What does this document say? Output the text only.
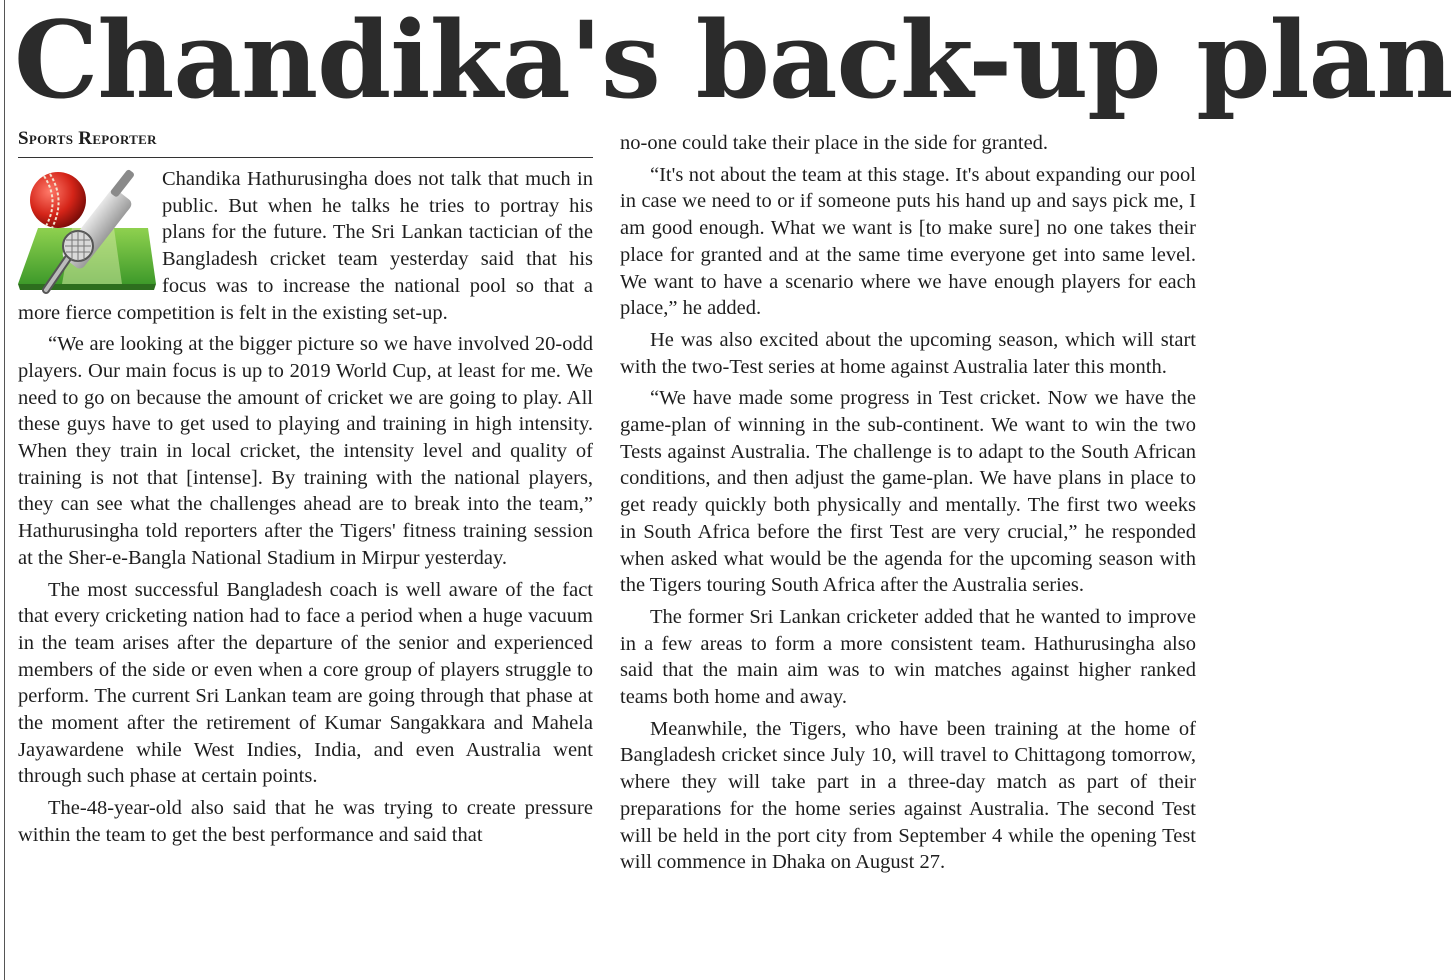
Chandika's back-up plan
Sports Reporter

Chandika Hathurusingha does not talk that much in public. But when he talks he tries to portray his plans for the future. The Sri Lankan tactician of the Bangladesh cricket team yesterday said that his focus was to increase the national pool so that a more fierce competition is felt in the existing set-up.

“We are looking at the bigger picture so we have involved 20-odd players. Our main focus is up to 2019 World Cup, at least for me. We need to go on because the amount of cricket we are going to play. All these guys have to get used to playing and training in high intensity. When they train in local cricket, the intensity level and quality of training is not that [intense]. By training with the national players, they can see what the challenges ahead are to break into the team,” Hathurusingha told reporters after the Tigers' fitness training session at the Sher-e-Bangla National Stadium in Mirpur yesterday.

The most successful Bangladesh coach is well aware of the fact that every cricketing nation had to face a period when a huge vacuum in the team arises after the departure of the senior and experienced members of the side or even when a core group of players struggle to perform. The current Sri Lankan team are going through that phase at the moment after the retirement of Kumar Sangakkara and Mahela Jayawardene while West Indies, India, and even Australia went through such phase at certain points.

The-48-year-old also said that he was trying to create pressure within the team to get the best performance and said that

no-one could take their place in the side for granted.

“It's not about the team at this stage. It's about expanding our pool in case we need to or if someone puts his hand up and says pick me, I am good enough. What we want is [to make sure] no one takes their place for granted and at the same time everyone get into same level. We want to have a scenario where we have enough players for each place,” he added.

He was also excited about the upcoming season, which will start with the two-Test series at home against Australia later this month.

“We have made some progress in Test cricket. Now we have the game-plan of winning in the sub-continent. We want to win the two Tests against Australia. The challenge is to adapt to the South African conditions, and then adjust the game-plan. We have plans in place to get ready quickly both physically and mentally. The first two weeks in South Africa before the first Test are very crucial,” he responded when asked what would be the agenda for the upcoming season with the Tigers touring South Africa after the Australia series.

The former Sri Lankan cricketer added that he wanted to improve in a few areas to form a more consistent team. Hathurusingha also said that the main aim was to win matches against higher ranked teams both home and away.

Meanwhile, the Tigers, who have been training at the home of Bangladesh cricket since July 10, will travel to Chittagong tomorrow, where they will take part in a three-day match as part of their preparations for the home series against Australia. The second Test will be held in the port city from September 4 while the opening Test will commence in Dhaka on August 27.
